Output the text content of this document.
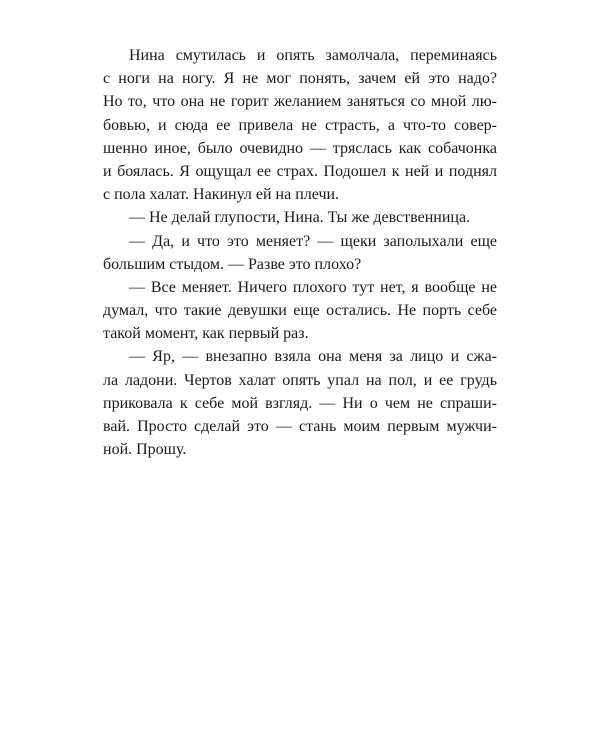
Нина смутилась и опять замолчала, переминаясь
с ноги на ногу. Я не мог понять, зачем ей это надо?
Но то, что она не горит желанием заняться со мной лю-
бовью, и сюда ее привела не страсть, а что-то совер-
шенно иное, было очевидно — тряслась как собачонка
и боялась. Я ощущал ее страх. Подошел к ней и поднял
с пола халат. Накинул ей на плечи.
— Не делай глупости, Нина. Ты же девственница.
— Да, и что это меняет? — щеки заполыхали еще
большим стыдом. — Разве это плохо?
— Все меняет. Ничего плохого тут нет, я вообще не
думал, что такие девушки еще остались. Не порть себе
такой момент, как первый раз.
— Яр, — внезапно взяла она меня за лицо и сжа-
ла ладони. Чертов халат опять упал на пол, и ее грудь
приковала к себе мой взгляд. — Ни о чем не спраши-
вай. Просто сделай это — стань моим первым мужчи-
ной. Прошу.
